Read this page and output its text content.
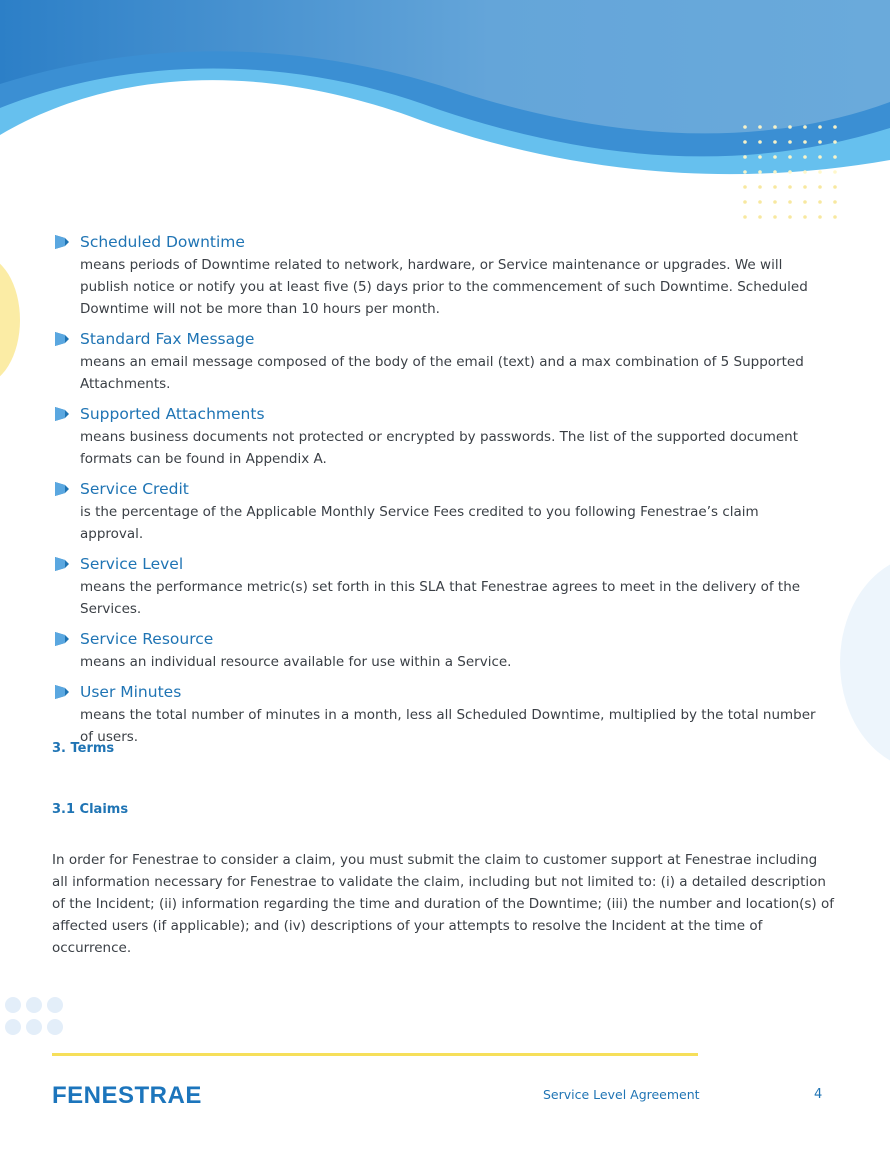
Scheduled Downtime
means periods of Downtime related to network, hardware, or Service maintenance or upgrades. We will publish notice or notify you at least five (5) days prior to the commencement of such Downtime. Scheduled Downtime will not be more than 10 hours per month.
Standard Fax Message
means an email message composed of the body of the email (text) and a max combination of 5 Supported Attachments.
Supported Attachments
means business documents not protected or encrypted by passwords. The list of the supported document formats can be found in Appendix A.
Service Credit
is the percentage of the Applicable Monthly Service Fees credited to you following Fenestrae’s claim approval.
Service Level
means the performance metric(s) set forth in this SLA that Fenestrae agrees to meet in the delivery of the Services.
Service Resource
means an individual resource available for use within a Service.
User Minutes
means the total number of minutes in a month, less all Scheduled Downtime, multiplied by the total number of users.
3. Terms
3.1 Claims
In order for Fenestrae to consider a claim, you must submit the claim to customer support at Fenestrae including all information necessary for Fenestrae to validate the claim, including but not limited to: (i) a detailed description of the Incident; (ii) information regarding the time and duration of the Downtime; (iii) the number and location(s) of affected users (if applicable); and (iv) descriptions of your attempts to resolve the Incident at the time of occurrence.
FENESTRAE	Service Level Agreement	4
